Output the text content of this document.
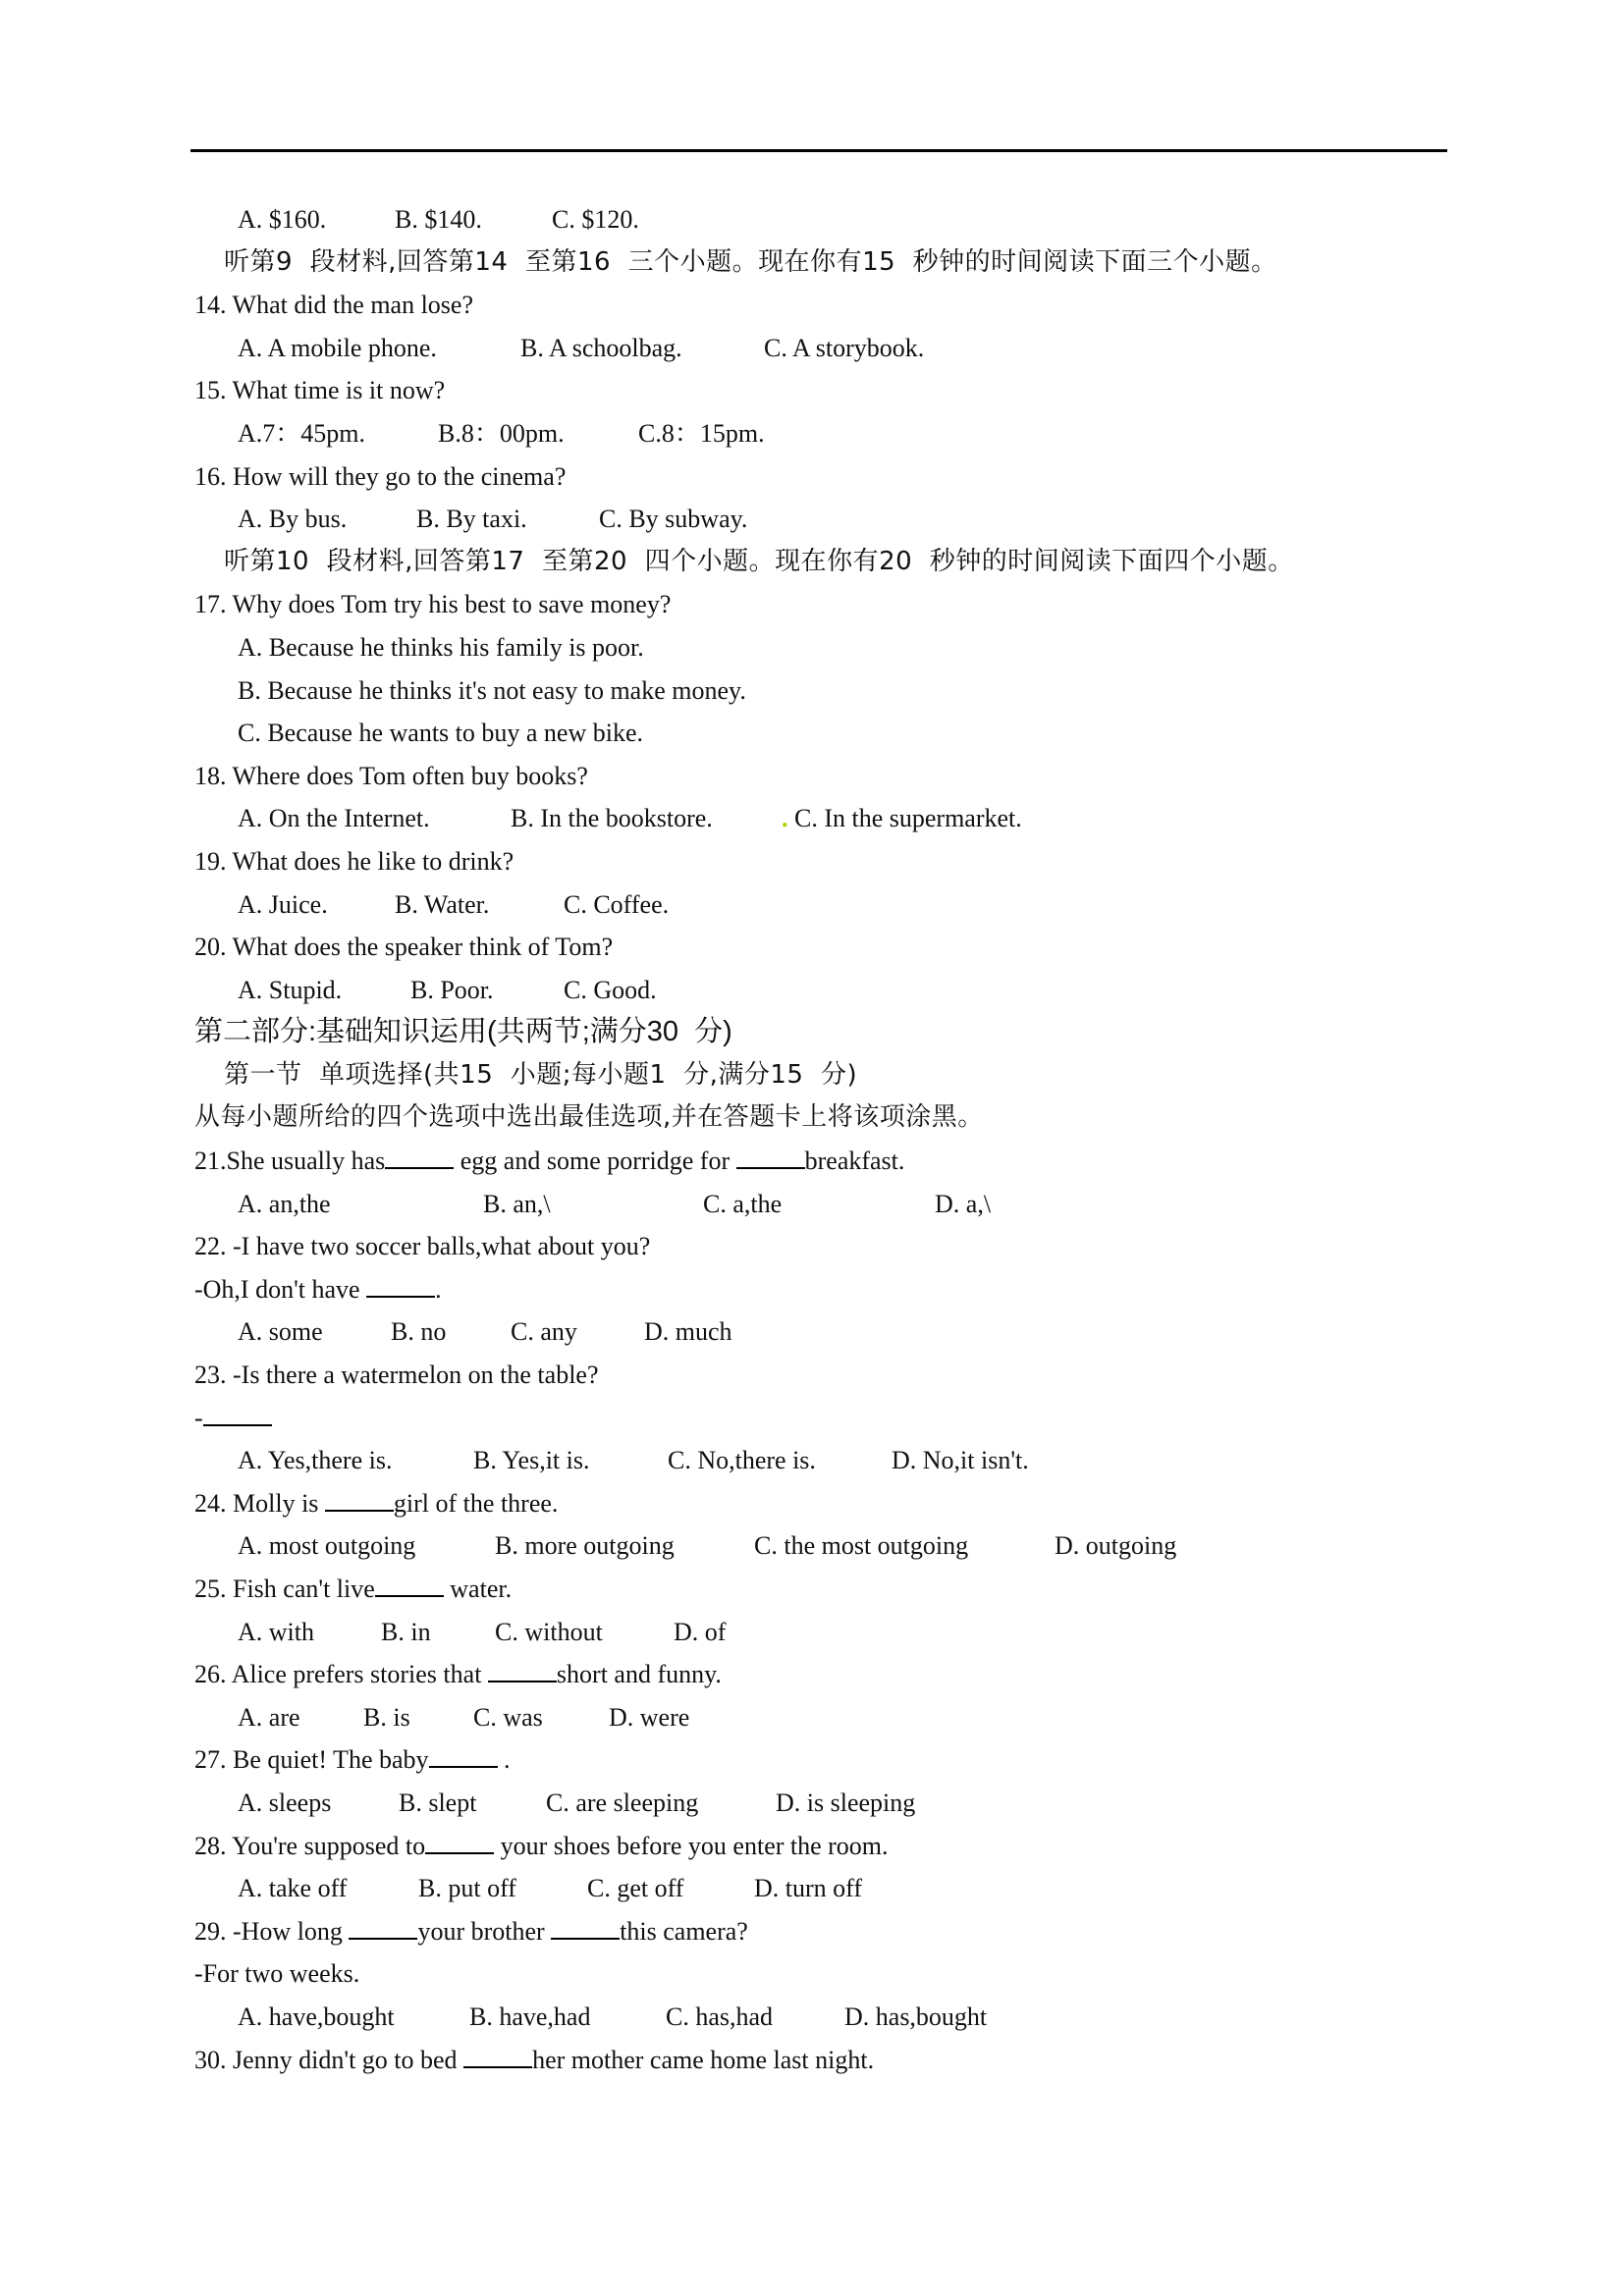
A. $160.	B. $140.	C. $120.
听第9  段材料,回答第14  至第16  三个小题。现在你有15  秒钟的时间阅读下面三个小题。
14. What did the man lose?
A. A mobile phone.	B. A schoolbag.	C. A storybook.
15. What time is it now?
A.7：45pm.	B.8：00pm.	C.8：15pm.
16. How will they go to the cinema?
A. By bus.	B. By taxi.	C. By subway.
听第10  段材料,回答第17  至第20  四个小题。现在你有20  秒钟的时间阅读下面四个小题。
17. Why does Tom try his best to save money?
A. Because he thinks his family is poor.
B. Because he thinks it's not easy to make money.
C. Because he wants to buy a new bike.
18. Where does Tom often buy books?
A. On the Internet.	B. In the bookstore.	. C. In the supermarket.
19. What does he like to drink?
A. Juice.	B. Water.	C. Coffee.
20. What does the speaker think of Tom?
A. Stupid.	B. Poor.	C. Good.
第二部分:基础知识运用(共两节;满分30  分)
第一节  单项选择(共15  小题;每小题1  分,满分15  分)
从每小题所给的四个选项中选出最佳选项,并在答题卡上将该项涂黑。
21.She usually has	egg and some porridge for	breakfast.
A. an,the	B. an,\	C. a,the	D. a,\
22. -I have two soccer balls,what about you?
-Oh,I don't have	.
A. some	B. no	C. any	D. much
23. -Is there a watermelon on the table?
-
A. Yes,there is.	B. Yes,it is.	C. No,there is.	D. No,it isn't.
24. Molly is	girl of the three.
A. most outgoing	B. more outgoing	C. the most outgoing	D. outgoing
25. Fish can't live	water.
A. with	B. in	C. without	D. of
26. Alice prefers stories that	short and funny.
A. are B. is C. was	D. were
27. Be quiet! The baby	.
A. sleeps	B. slept	C. are sleeping	D. is sleeping
28. You're supposed to	your shoes before you enter the room.
A. take off	B. put off	C. get off	D. turn off
29. -How long	your brother	this camera?
-For two weeks.
A. have,bought	B. have,had	C. has,had	D. has,bought
30. Jenny didn't go to bed	her mother came home last night.
